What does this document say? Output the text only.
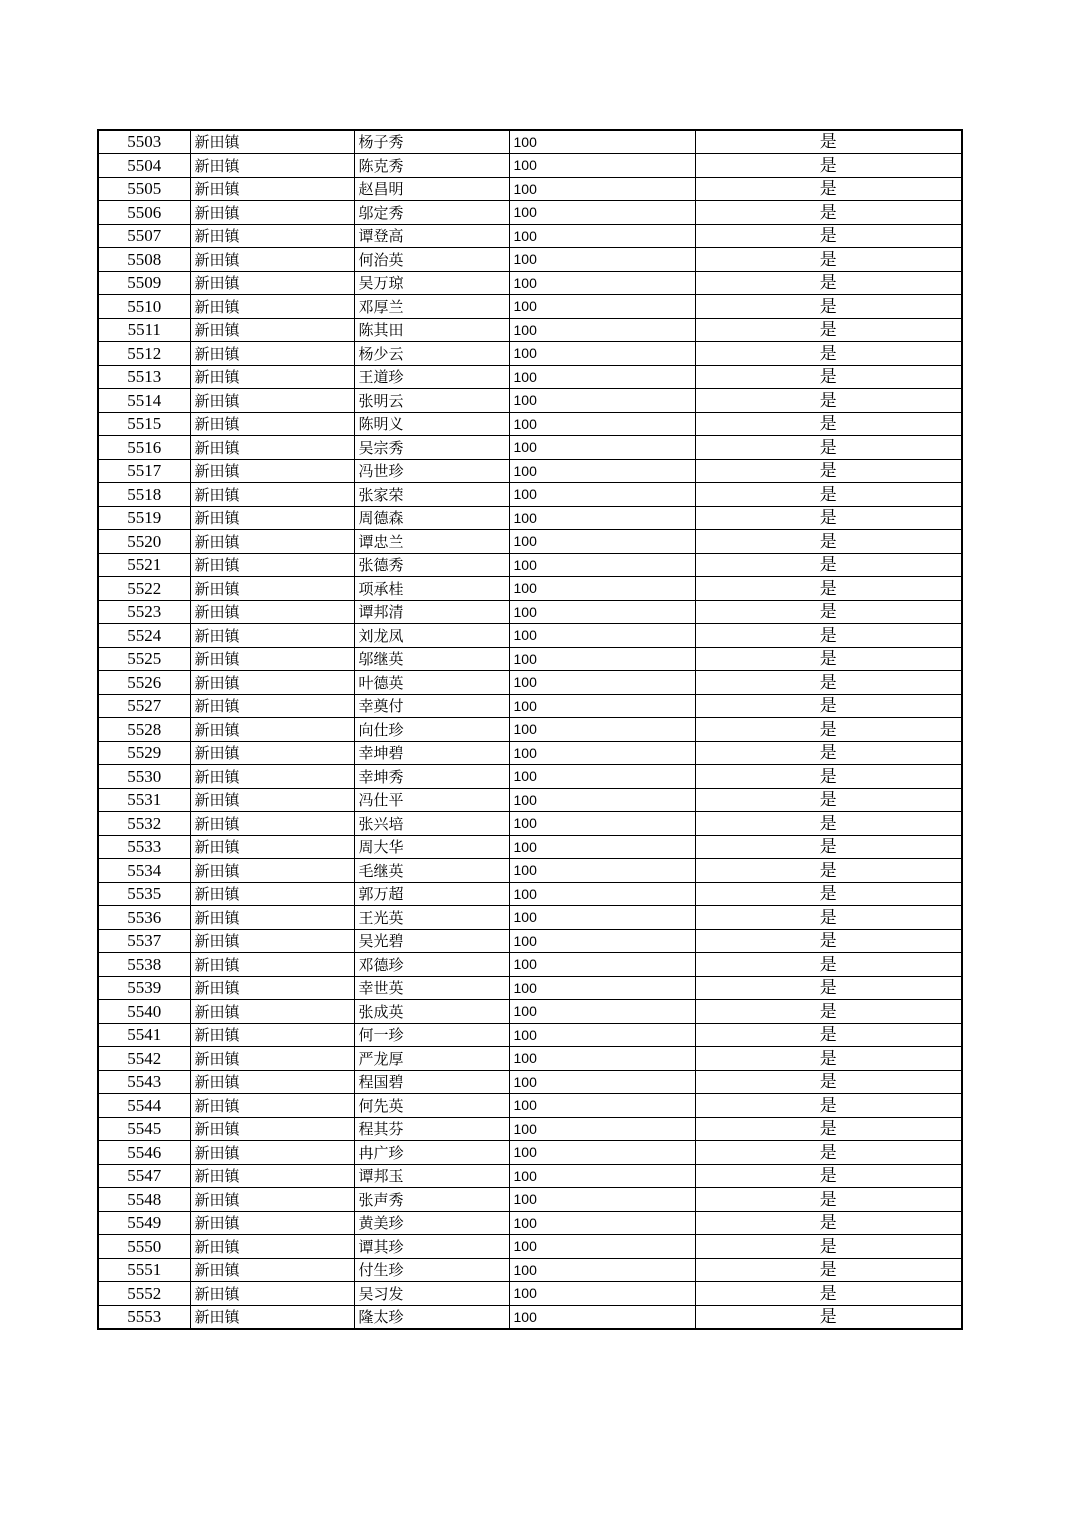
5503	新田镇	杨子秀	100	是
5504	新田镇	陈克秀	100	是
5505	新田镇	赵昌明	100	是
5506	新田镇	邬定秀	100	是
5507	新田镇	谭登高	100	是
5508	新田镇	何治英	100	是
5509	新田镇	吴万琼	100	是
5510	新田镇	邓厚兰	100	是
5511	新田镇	陈其田	100	是
5512	新田镇	杨少云	100	是
5513	新田镇	王道珍	100	是
5514	新田镇	张明云	100	是
5515	新田镇	陈明义	100	是
5516	新田镇	吴宗秀	100	是
5517	新田镇	冯世珍	100	是
5518	新田镇	张家荣	100	是
5519	新田镇	周德森	100	是
5520	新田镇	谭忠兰	100	是
5521	新田镇	张德秀	100	是
5522	新田镇	项承桂	100	是
5523	新田镇	谭邦清	100	是
5524	新田镇	刘龙凤	100	是
5525	新田镇	邬继英	100	是
5526	新田镇	叶德英	100	是
5527	新田镇	幸奠付	100	是
5528	新田镇	向仕珍	100	是
5529	新田镇	幸坤碧	100	是
5530	新田镇	幸坤秀	100	是
5531	新田镇	冯仕平	100	是
5532	新田镇	张兴培	100	是
5533	新田镇	周大华	100	是
5534	新田镇	毛继英	100	是
5535	新田镇	郭万超	100	是
5536	新田镇	王光英	100	是
5537	新田镇	吴光碧	100	是
5538	新田镇	邓德珍	100	是
5539	新田镇	幸世英	100	是
5540	新田镇	张成英	100	是
5541	新田镇	何一珍	100	是
5542	新田镇	严龙厚	100	是
5543	新田镇	程国碧	100	是
5544	新田镇	何先英	100	是
5545	新田镇	程其芬	100	是
5546	新田镇	冉广珍	100	是
5547	新田镇	谭邦玉	100	是
5548	新田镇	张声秀	100	是
5549	新田镇	黄美珍	100	是
5550	新田镇	谭其珍	100	是
5551	新田镇	付生珍	100	是
5552	新田镇	吴习发	100	是
5553	新田镇	隆太珍	100	是
